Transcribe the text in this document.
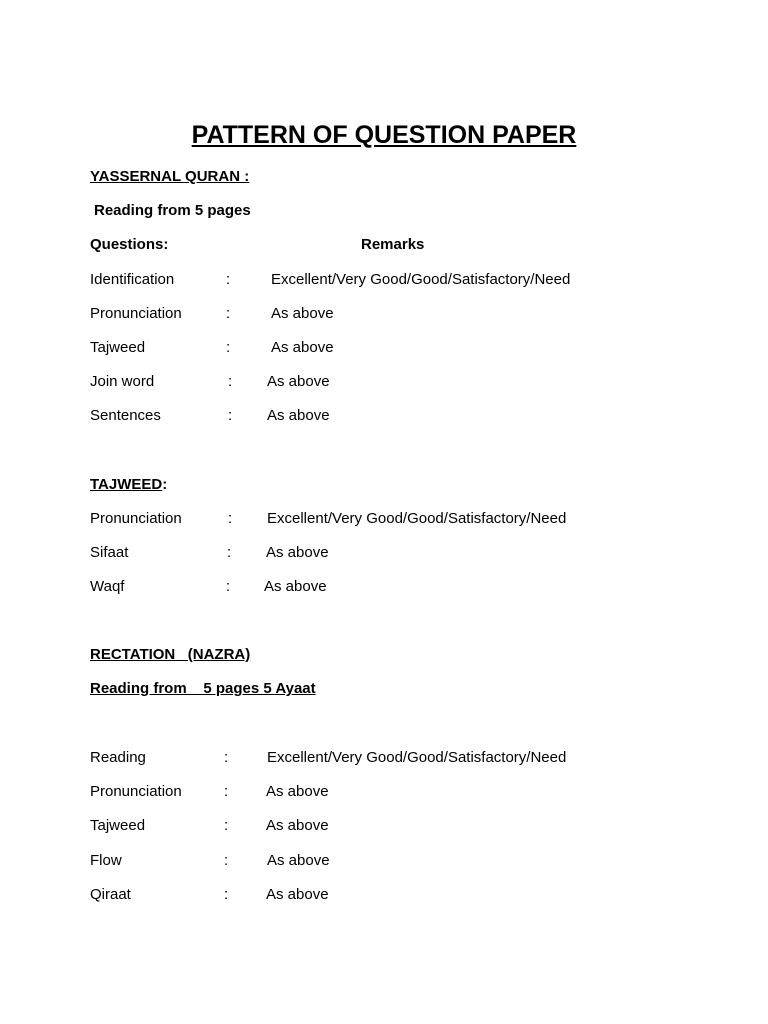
PATTERN OF QUESTION PAPER
YASSERNAL QURAN :
Reading from 5 pages
Questions:	Remarks
Identification	:	Excellent/Very Good/Good/Satisfactory/Need
Pronunciation	:	As above
Tajweed	:	As above
Join word	: As above
Sentences	: As above
TAJWEED:
Pronunciation	: Excellent/Very Good/Good/Satisfactory/Need
Sifaat	: As above
Waqf	: As above
RECTATION   (NAZRA)
Reading from    5 pages 5 Ayaat
Reading	:	Excellent/Very Good/Good/Satisfactory/Need
Pronunciation	:	As above
Tajweed	:	As above
Flow	:	As above
Qiraat	:	As above
